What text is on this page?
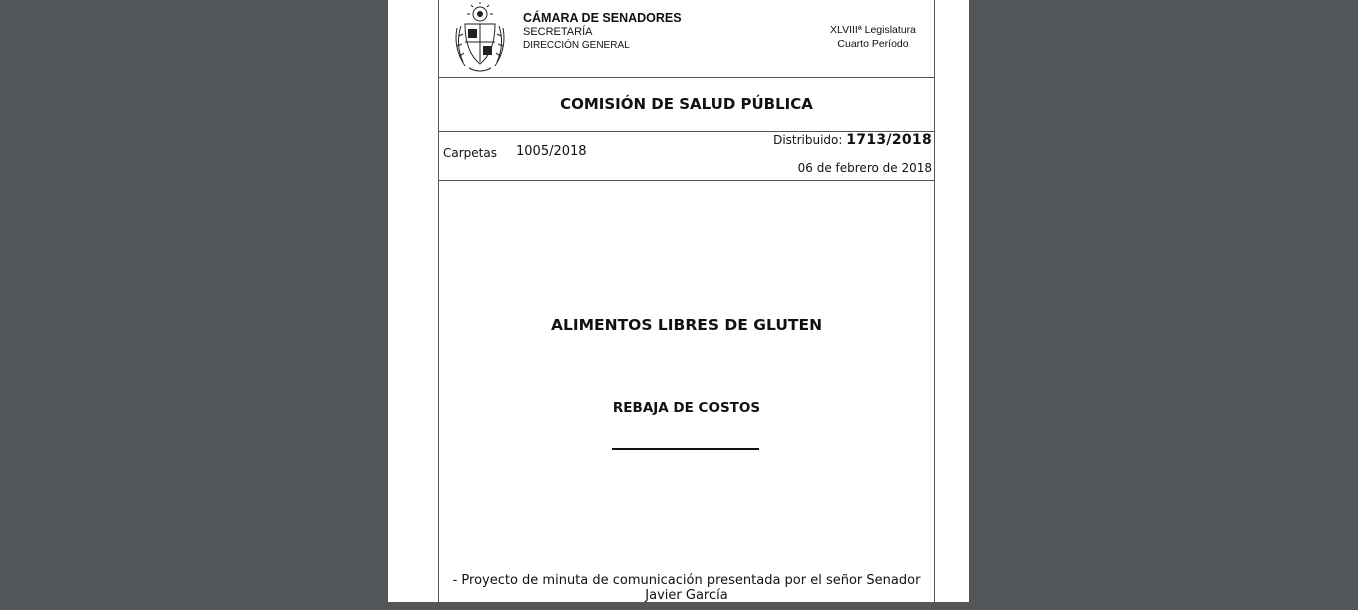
CÁMARA DE SENADORES
SECRETARÍA
DIRECCIÓN GENERAL
XLVIIIª Legislatura
Cuarto Período
COMISIÓN DE SALUD PÚBLICA
Carpetas 1005/2018
Distribuido: 1713/2018
06 de febrero de 2018
ALIMENTOS LIBRES DE GLUTEN
REBAJA DE COSTOS
- Proyecto de minuta de comunicación presentada por el señor Senador
Javier García
